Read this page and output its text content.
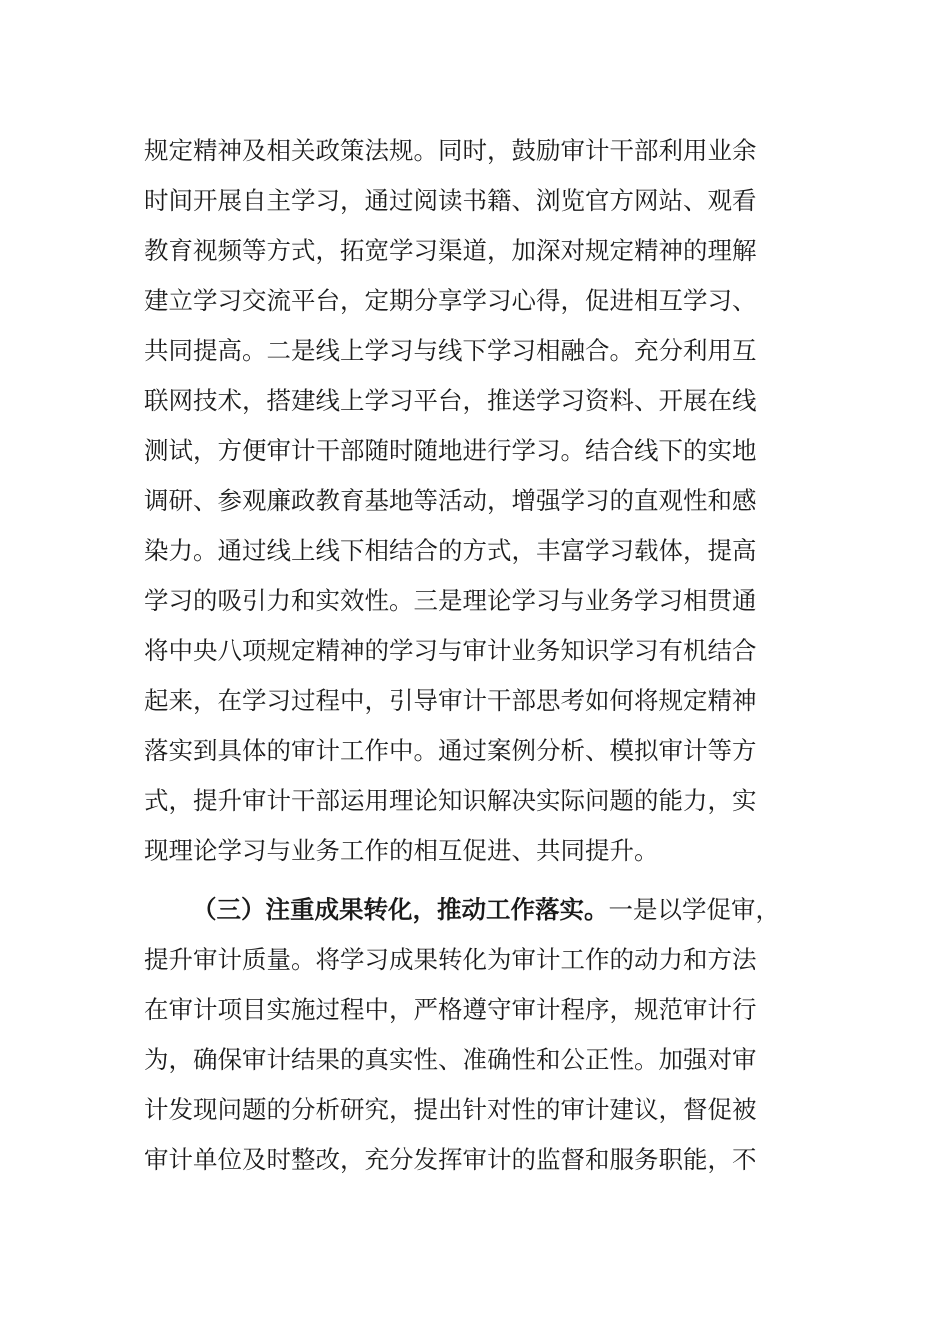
规定精神及相关政策法规。同时，鼓励审计干部利用业余
时间开展自主学习，通过阅读书籍、浏览官方网站、观看
教育视频等方式，拓宽学习渠道，加深对规定精神的理解
建立学习交流平台，定期分享学习心得，促进相互学习、
共同提高。二是线上学习与线下学习相融合。充分利用互
联网技术，搭建线上学习平台，推送学习资料、开展在线
测试，方便审计干部随时随地进行学习。结合线下的实地
调研、参观廉政教育基地等活动，增强学习的直观性和感
染力。通过线上线下相结合的方式，丰富学习载体，提高
学习的吸引力和实效性。三是理论学习与业务学习相贯通
将中央八项规定精神的学习与审计业务知识学习有机结合
起来，在学习过程中，引导审计干部思考如何将规定精神
落实到具体的审计工作中。通过案例分析、模拟审计等方
式，提升审计干部运用理论知识解决实际问题的能力，实
现理论学习与业务工作的相互促进、共同提升。
（三）注重成果转化，推动工作落实。一是以学促审，
提升审计质量。将学习成果转化为审计工作的动力和方法
在审计项目实施过程中，严格遵守审计程序，规范审计行
为，确保审计结果的真实性、准确性和公正性。加强对审
计发现问题的分析研究，提出针对性的审计建议，督促被
审计单位及时整改，充分发挥审计的监督和服务职能，不
